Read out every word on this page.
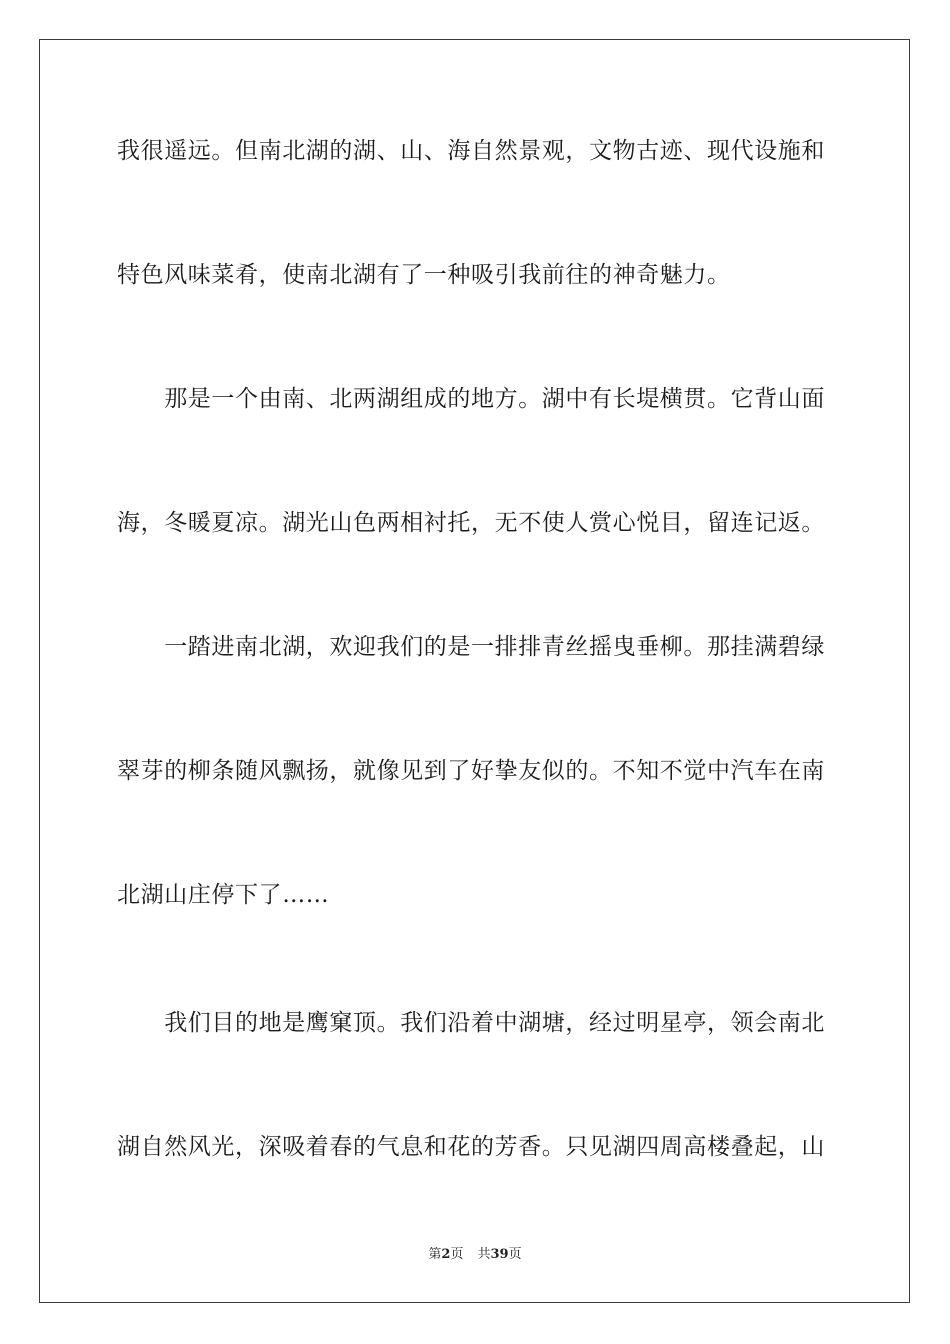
我很遥远。但南北湖的湖、山、海自然景观，文物古迹、现代设施和
特色风味菜肴，使南北湖有了一种吸引我前往的神奇魅力。
　　那是一个由南、北两湖组成的地方。湖中有长堤横贯。它背山面
海，冬暖夏凉。湖光山色两相衬托，无不使人赏心悦目，留连记返。
　　一踏进南北湖，欢迎我们的是一排排青丝摇曳垂柳。那挂满碧绿
翠芽的柳条随风飘扬，就像见到了好挚友似的。不知不觉中汽车在南
北湖山庄停下了……
　　我们目的地是鹰窠顶。我们沿着中湖塘，经过明星亭，领会南北
湖自然风光，深吸着春的气息和花的芳香。只见湖四周高楼叠起，山
第2页 共39页
